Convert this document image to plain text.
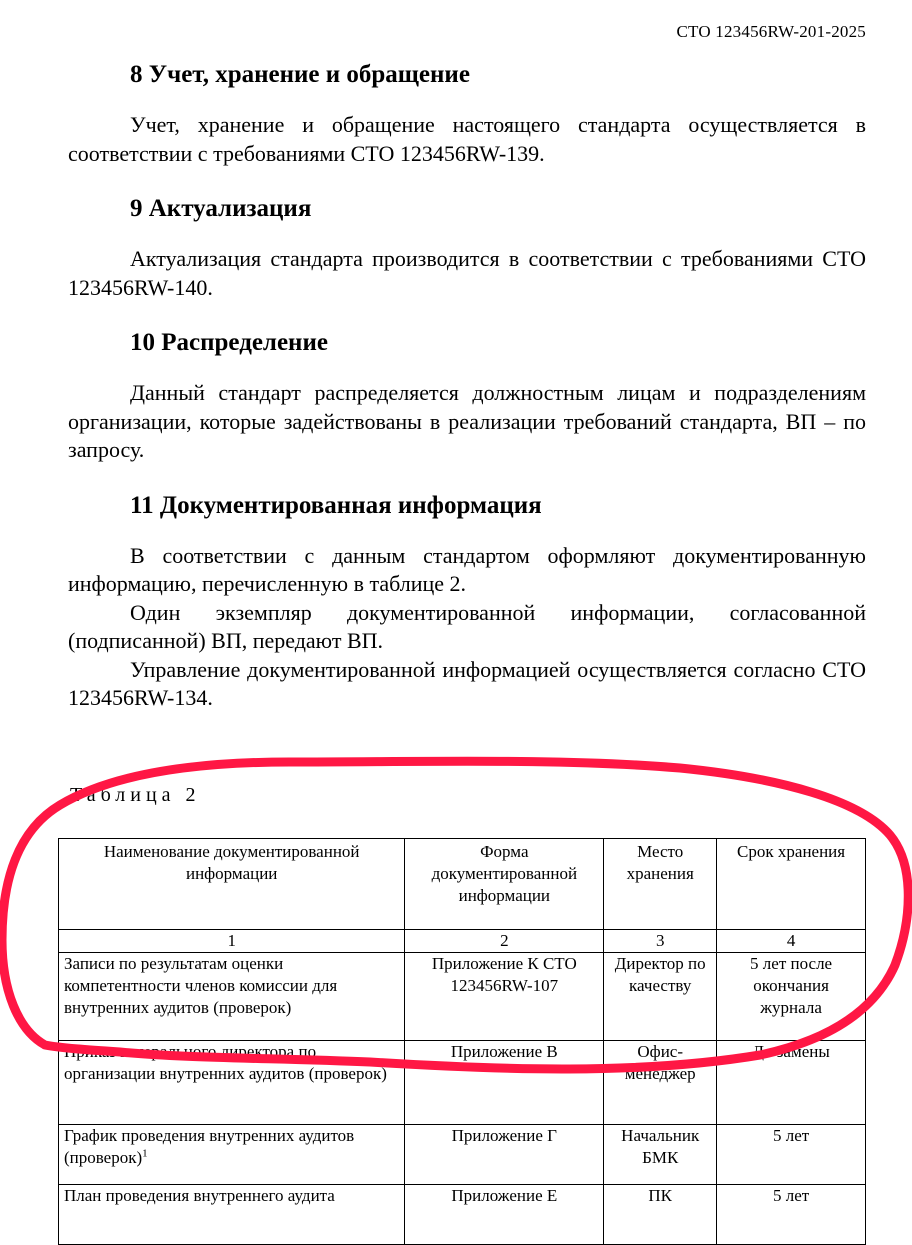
СТО 123456RW-201-2025
8 Учет, хранение и обращение

Учет, хранение и обращение настоящего стандарта осуществляется в соответствии с требованиями СТО 123456RW-139.

9 Актуализация

Актуализация стандарта производится в соответствии с требованиями СТО 123456RW-140.

10 Распределение

Данный стандарт распределяется должностным лицам и подразделениям организации, которые задействованы в реализации требований стандарта, ВП – по запросу.

11 Документированная информация

В соответствии с данным стандартом оформляют документированную информацию, перечисленную в таблице 2.

Один экземпляр документированной информации, согласованной (подписанной) ВП, передают ВП.

Управление документированной информацией осуществляется согласно СТО 123456RW-134.

Таблица 2
Наименование документированной информации	Форма документированной информации	Место хранения	Срок хранения
1	2	3	4
Записи по результатам оценки компетентности членов комиссии для внутренних аудитов (проверок)	Приложение К СТО 123456RW-107	Директор по качеству	5 лет после окончания журнала
Приказ генерального директора по организации внутренних аудитов (проверок)	Приложение В	Офис-менеджер	До замены
График проведения внутренних аудитов (проверок)$^1$	Приложение Г	Начальник БМК	5 лет
План проведения внутреннего аудита	Приложение Е	ПК	5 лет
